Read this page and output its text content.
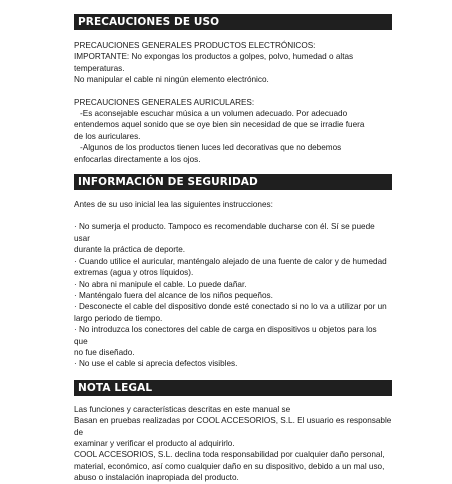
PRECAUCIONES DE USO

PRECAUCIONES GENERALES PRODUCTOS ELECTRÓNICOS:

IMPORTANTE: No expongas los productos a golpes, polvo, humedad o altas

temperaturas.

No manipular el cable ni ningún elemento electrónico.

PRECAUCIONES GENERALES AURICULARES:

-Es aconsejable escuchar música a un volumen adecuado. Por adecuado

entendemos aquel sonido que se oye bien sin necesidad de que se irradie fuera

de los auriculares.

-Algunos de los productos tienen luces led decorativas que no debemos

enfocarlas directamente a los ojos.

INFORMACIÓN DE SEGURIDAD

Antes de su uso inicial lea las siguientes instrucciones:

· No sumerja el producto. Tampoco es recomendable ducharse con él. Sí se puede usar

durante la práctica de deporte.

· Cuando utilice el auricular, manténgalo alejado de una fuente de calor y de humedad

extremas (agua y otros líquidos).

· No abra ni manipule el cable. Lo puede dañar.

· Manténgalo fuera del alcance de los niños pequeños.

· Desconecte el cable del dispositivo donde esté conectado si no lo va a utilizar por un

largo periodo de tiempo.

· No introduzca los conectores del cable de carga en dispositivos u objetos para los que

no fue diseñado.

· No use el cable si aprecia defectos visibles.

NOTA LEGAL

Las funciones y características descritas en este manual se

Basan en pruebas realizadas por COOL ACCESORIOS, S.L. El usuario es responsable de

examinar y verificar el producto al adquirirlo.

COOL ACCESORIOS, S.L. declina toda responsabilidad por cualquier daño personal,

material, económico, así como cualquier daño en su dispositivo, debido a un mal uso,

abuso o instalación inapropiada del producto.
